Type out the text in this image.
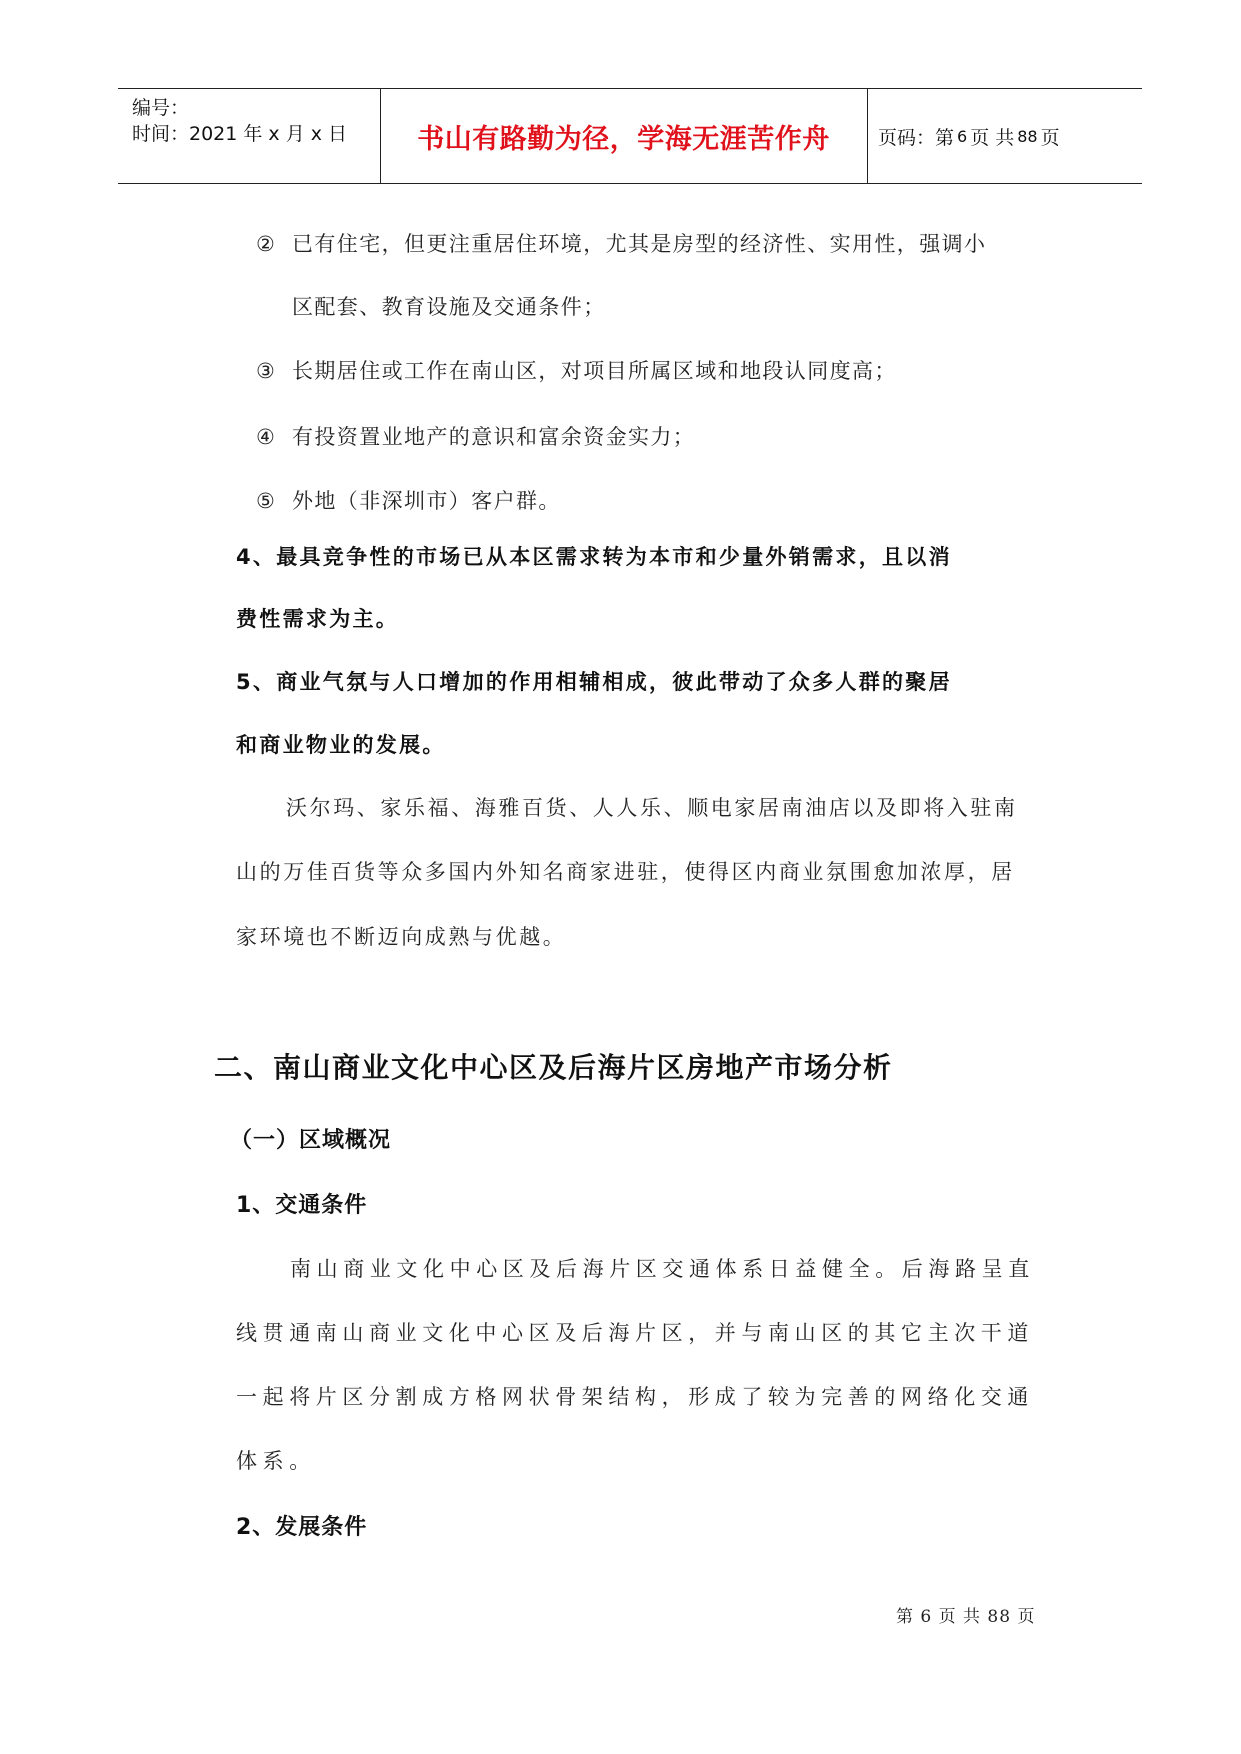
编号：
时间：2021 年 x 月 x 日	书山有路勤为径，学海无涯苦作舟	页码：第 6 页 共 88 页
② 已有住宅，但更注重居住环境，尤其是房型的经济性、实用性，强调小
区配套、教育设施及交通条件；
③ 长期居住或工作在南山区，对项目所属区域和地段认同度高；
④ 有投资置业地产的意识和富余资金实力；
⑤ 外地（非深圳市）客户群。
4、最具竞争性的市场已从本区需求转为本市和少量外销需求，且以消
费性需求为主。
5、商业气氛与人口增加的作用相辅相成，彼此带动了众多人群的聚居
和商业物业的发展。
沃尔玛、家乐福、海雅百货、人人乐、顺电家居南油店以及即将入驻南
山的万佳百货等众多国内外知名商家进驻，使得区内商业氛围愈加浓厚，居
家环境也不断迈向成熟与优越。
二、南山商业文化中心区及后海片区房地产市场分析
（一）区域概况
1、交通条件
南山商业文化中心区及后海片区交通体系日益健全。后海路呈直
线贯通南山商业文化中心区及后海片区，并与南山区的其它主次干道
一起将片区分割成方格网状骨架结构，形成了较为完善的网络化交通
体系。
2、发展条件
第 6 页 共 88 页
